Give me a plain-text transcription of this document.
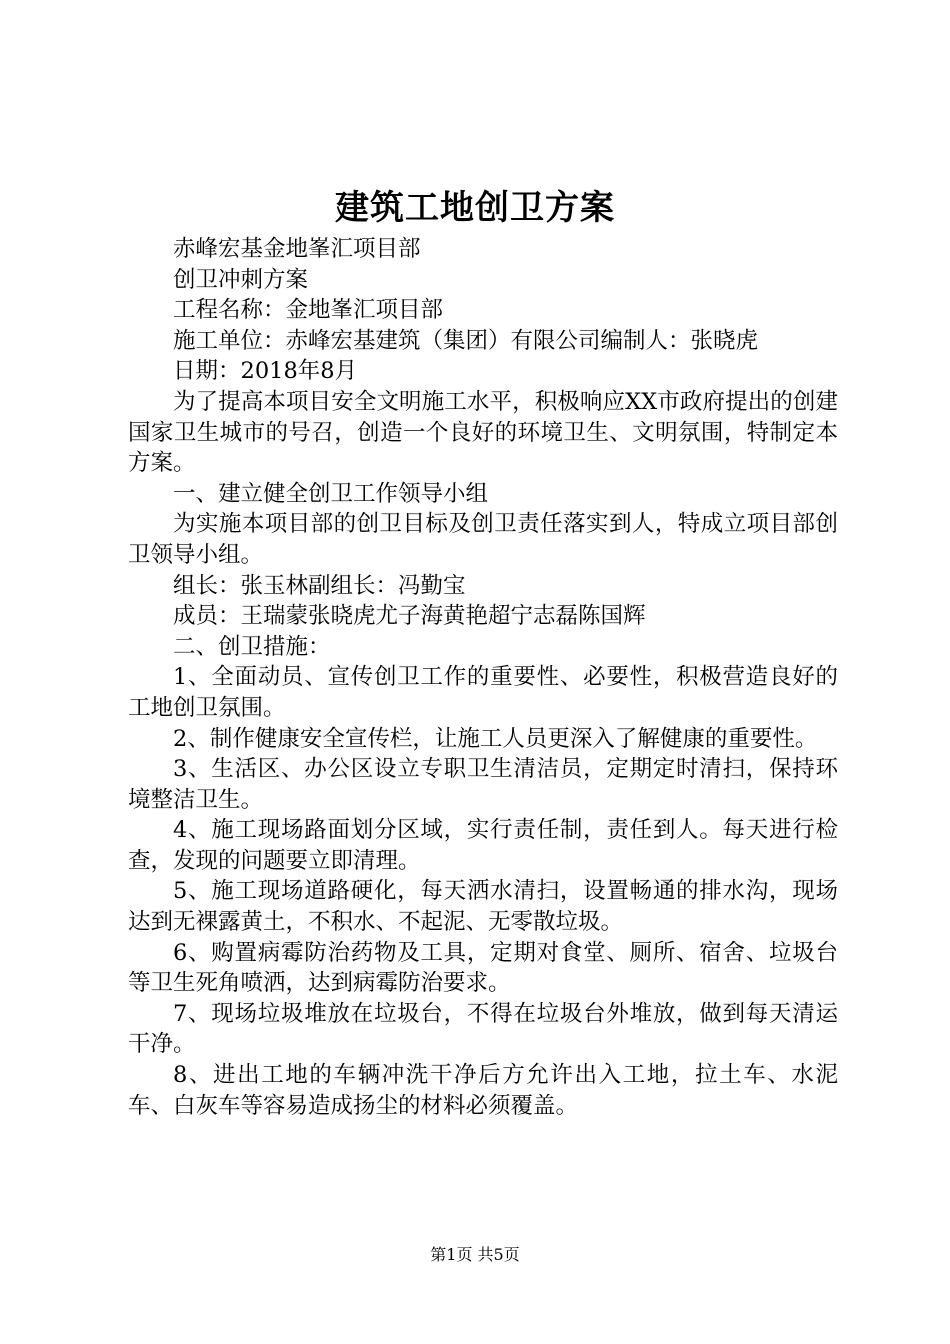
建筑工地创卫方案

赤峰宏基金地峯汇项目部

创卫冲刺方案

工程名称：金地峯汇项目部

施工单位：赤峰宏基建筑（集团）有限公司编制人：张晓虎

日期：2018年8月

为了提高本项目安全文明施工水平，积极响应XX市政府提出的创建国家卫生城市的号召，创造一个良好的环境卫生、文明氛围，特制定本方案。

一、建立健全创卫工作领导小组

为实施本项目部的创卫目标及创卫责任落实到人，特成立项目部创卫领导小组。

组长：张玉林副组长：冯勤宝

成员：王瑞蒙张晓虎尤子海黄艳超宁志磊陈国辉

二、创卫措施：

1、全面动员、宣传创卫工作的重要性、必要性，积极营造良好的工地创卫氛围。

2、制作健康安全宣传栏，让施工人员更深入了解健康的重要性。

3、生活区、办公区设立专职卫生清洁员，定期定时清扫，保持环境整洁卫生。

4、施工现场路面划分区域，实行责任制，责任到人。每天进行检查，发现的问题要立即清理。

5、施工现场道路硬化，每天洒水清扫，设置畅通的排水沟，现场达到无裸露黄土，不积水、不起泥、无零散垃圾。

6、购置病霉防治药物及工具，定期对食堂、厕所、宿舍、垃圾台等卫生死角喷洒，达到病霉防治要求。

7、现场垃圾堆放在垃圾台，不得在垃圾台外堆放，做到每天清运干净。

8、进出工地的车辆冲洗干净后方允许出入工地，拉土车、水泥车、白灰车等容易造成扬尘的材料必须覆盖。

第1页 共5页
